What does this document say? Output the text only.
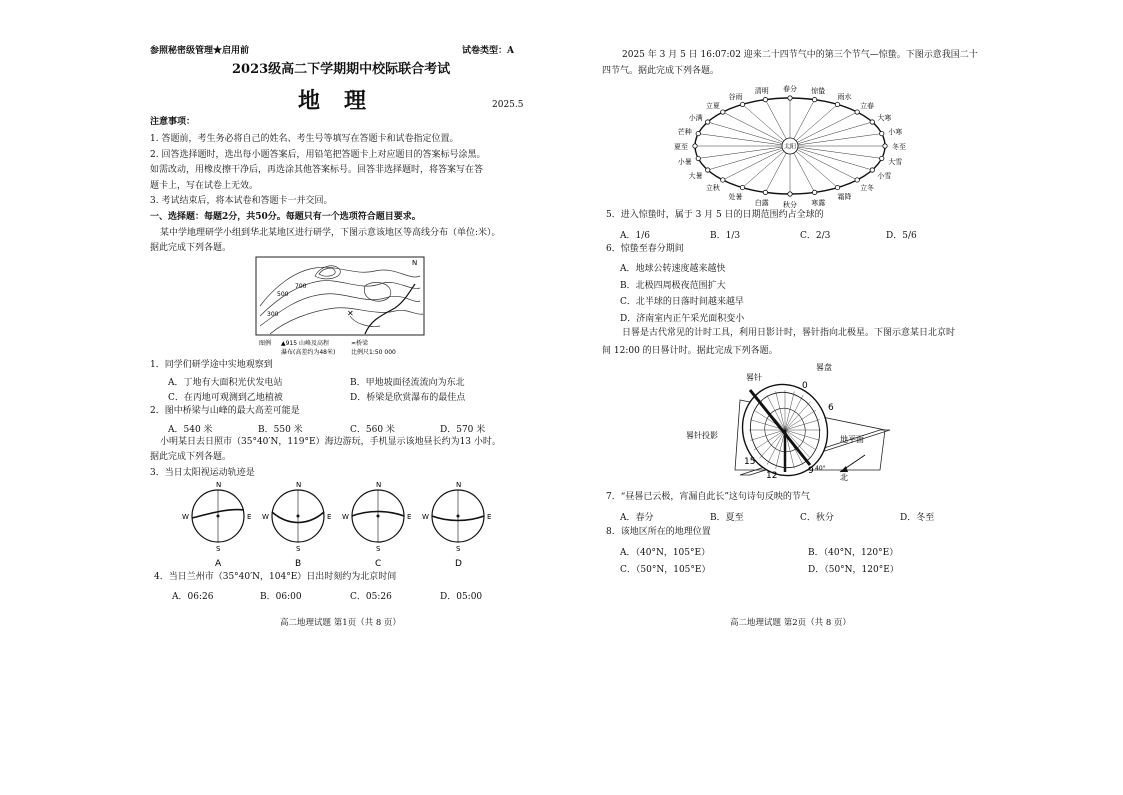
参照秘密级管理★启用前	试卷类型：A
2023级高二下学期期中校际联合考试
地理	2025.5
注意事项：
1. 答题前，考生务必将自己的姓名、考生号等填写在答题卡和试卷指定位置。
2. 回答选择题时，选出每小题答案后，用铅笔把答题卡上对应题目的答案标号涂黑。
如需改动，用橡皮擦干净后，再选涂其他答案标号。回答非选择题时，将答案写在答
题卡上，写在试卷上无效。
3. 考试结束后，将本试卷和答题卡一并交回。
一、选择题：每题2分，共50分。每题只有一个选项符合题目要求。
某中学地理研学小组到华北某地区进行研学，下图示意该地区等高线分布（单位:米）。
据此完成下列各题。
700
500
300
N
✕
图例 ▲915 山峰及高程	≍桥梁
瀑布(高差约为48米)	比例尺1:50 000
1．同学们研学途中实地观察到
A．丁地有大面积光伏发电站	B．甲地坡面径流流向为东北
C．在丙地可观测到乙地植被	D．桥梁是欣赏瀑布的最佳点
2．图中桥梁与山峰的最大高差可能是
A．540 米	B．550 米	C．560 米	D．570 米
小明某日去日照市（35°40′N，119°E）海边游玩，手机显示该地昼长约为13 小时。
据此完成下列各题。
3．当日太阳视运动轨迹是
N
S
W	E
A
N
S
W	E
B
N
S
W	E
C
N
S
W	E
D
4．当日兰州市（35°40′N，104°E）日出时刻约为北京时间
A．06:26	B．06:00	C．05:26	D．05:00
高二地理试题 第1页（共 8 页）
2025 年 3 月 5 日 16:07:02 迎来二十四节气中的第三个节气—惊蛰。下图示意我国二十
四节气。据此完成下列各题。
春分 惊蛰
雨水
立春
大寒
小寒
冬至
大雪
小雪
立冬
霜降
寒露
秋分
白露
处暑
立秋
大暑
小暑
夏至
芒种
小满
立夏
谷雨
清明
太阳
5．进入惊蛰时，属于 3 月 5 日的日期范围约占全球的
A．1/6	B．1/3	C．2/3	D．5/6
6．惊蛰至春分期间
A．地球公转速度越来越快
B．北极四周极夜范围扩大
C．北半球的日落时间越来越早
D．济南室内正午采光面积变小
日晷是古代常见的计时工具，利用日影计时，晷针指向北极星。下图示意某日北京时
间 12:00 的日晷计时。据此完成下列各题。
晷针
晷盘
晷针投影	地平面
北
40°
0
6
9
12
15
7．“昼晷已云极，宵漏自此长”这句诗句反映的节气
A．春分	B．夏至	C．秋分	D．冬至
8．该地区所在的地理位置
A．（40°N，105°E）	B．（40°N，120°E）
C．（50°N，105°E）	D．（50°N，120°E）
高二地理试题 第2页（共 8 页）
